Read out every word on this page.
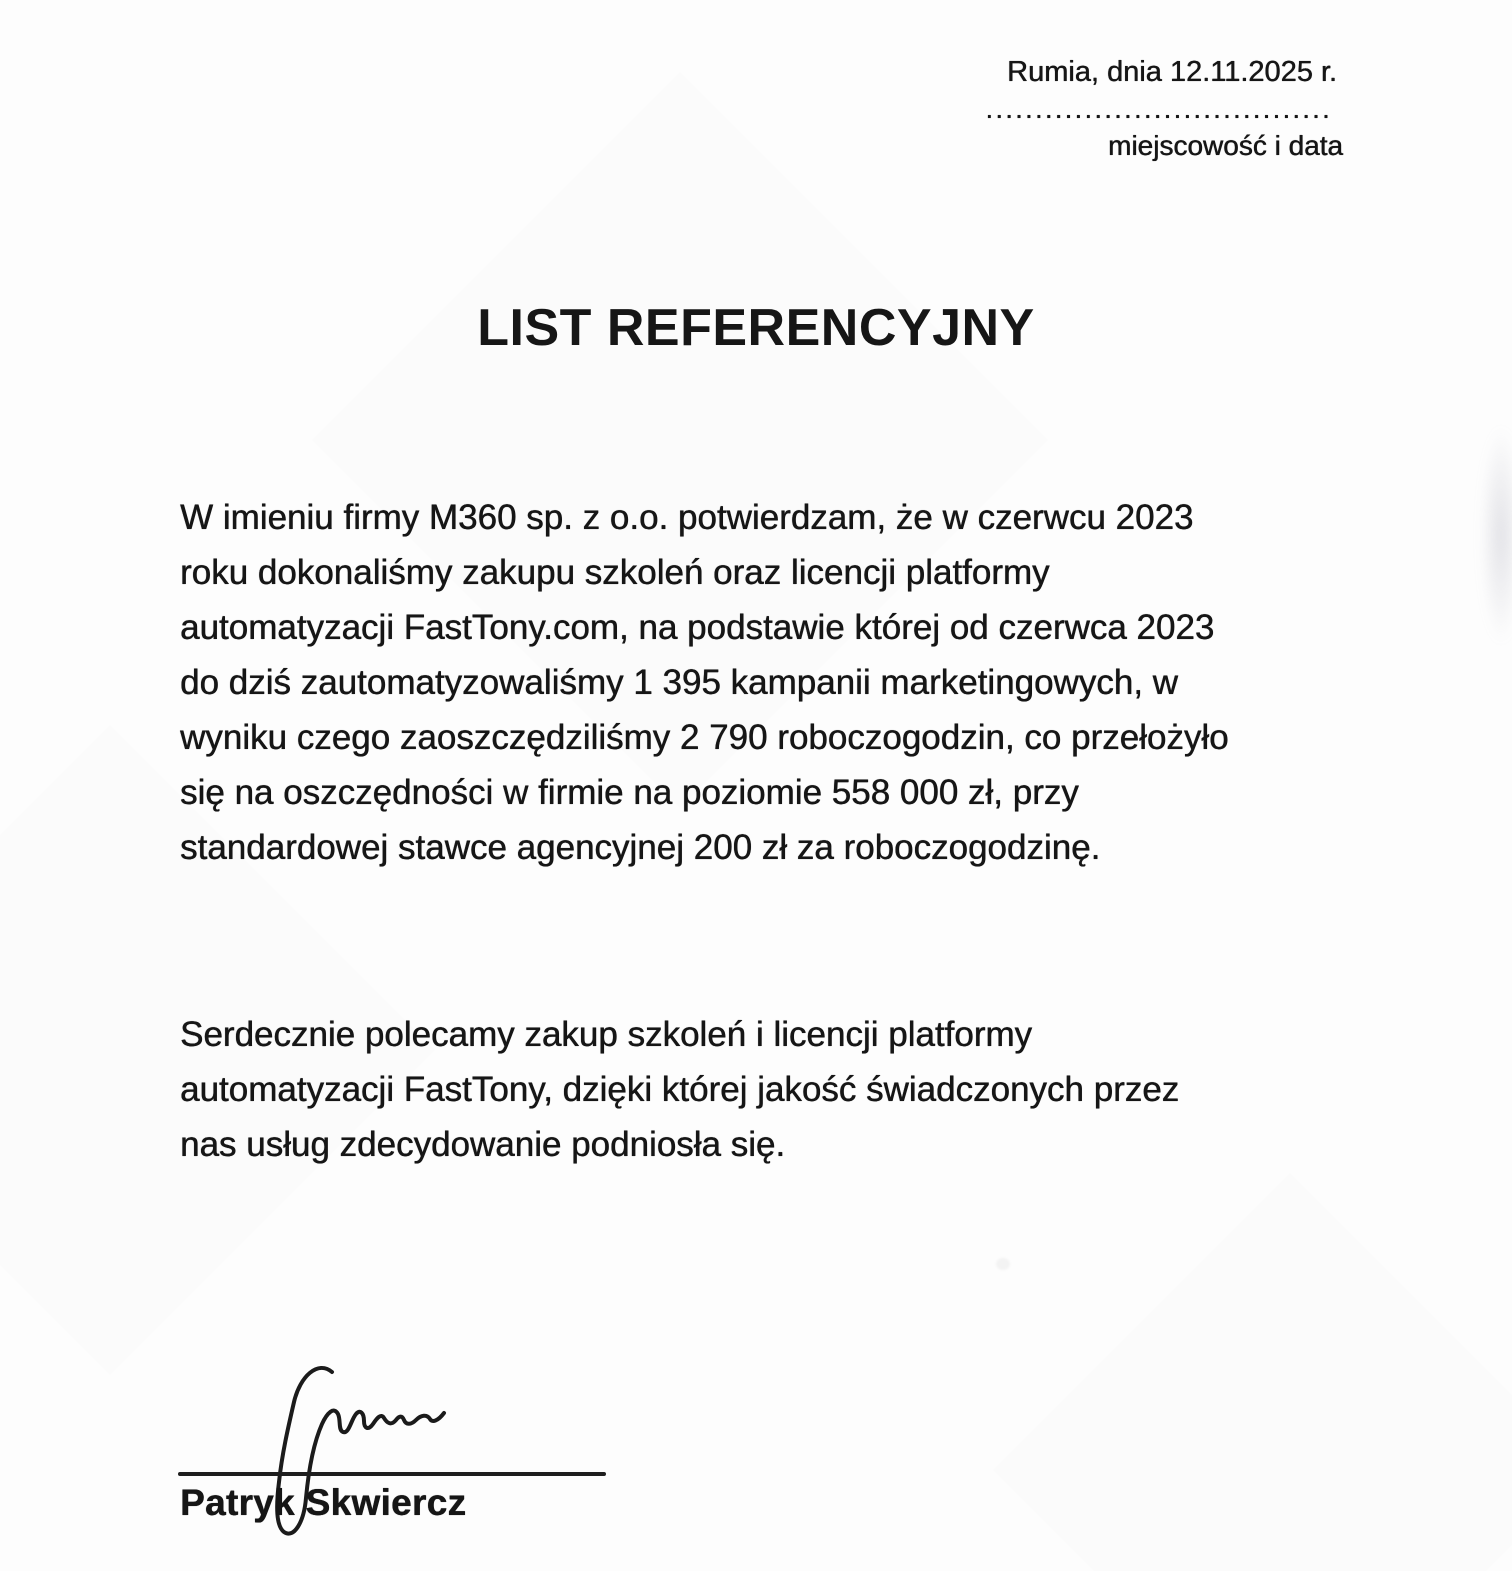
Rumia, dnia 12.11.2025 r.
...................................
miejscowość i data
LIST REFERENCYJNY
W imieniu firmy M360 sp. z o.o. potwierdzam, że w czerwcu 2023
roku dokonaliśmy zakupu szkoleń oraz licencji platformy
automatyzacji FastTony.com, na podstawie której od czerwca 2023
do dziś zautomatyzowaliśmy 1 395 kampanii marketingowych, w
wyniku czego zaoszczędziliśmy 2 790 roboczogodzin, co przełożyło
się na oszczędności w firmie na poziomie 558 000 zł, przy
standardowej stawce agencyjnej 200 zł za roboczogodzinę.
Serdecznie polecamy zakup szkoleń i licencji platformy
automatyzacji FastTony, dzięki której jakość świadczonych przez
nas usług zdecydowanie podniosła się.
Patryk Skwiercz
